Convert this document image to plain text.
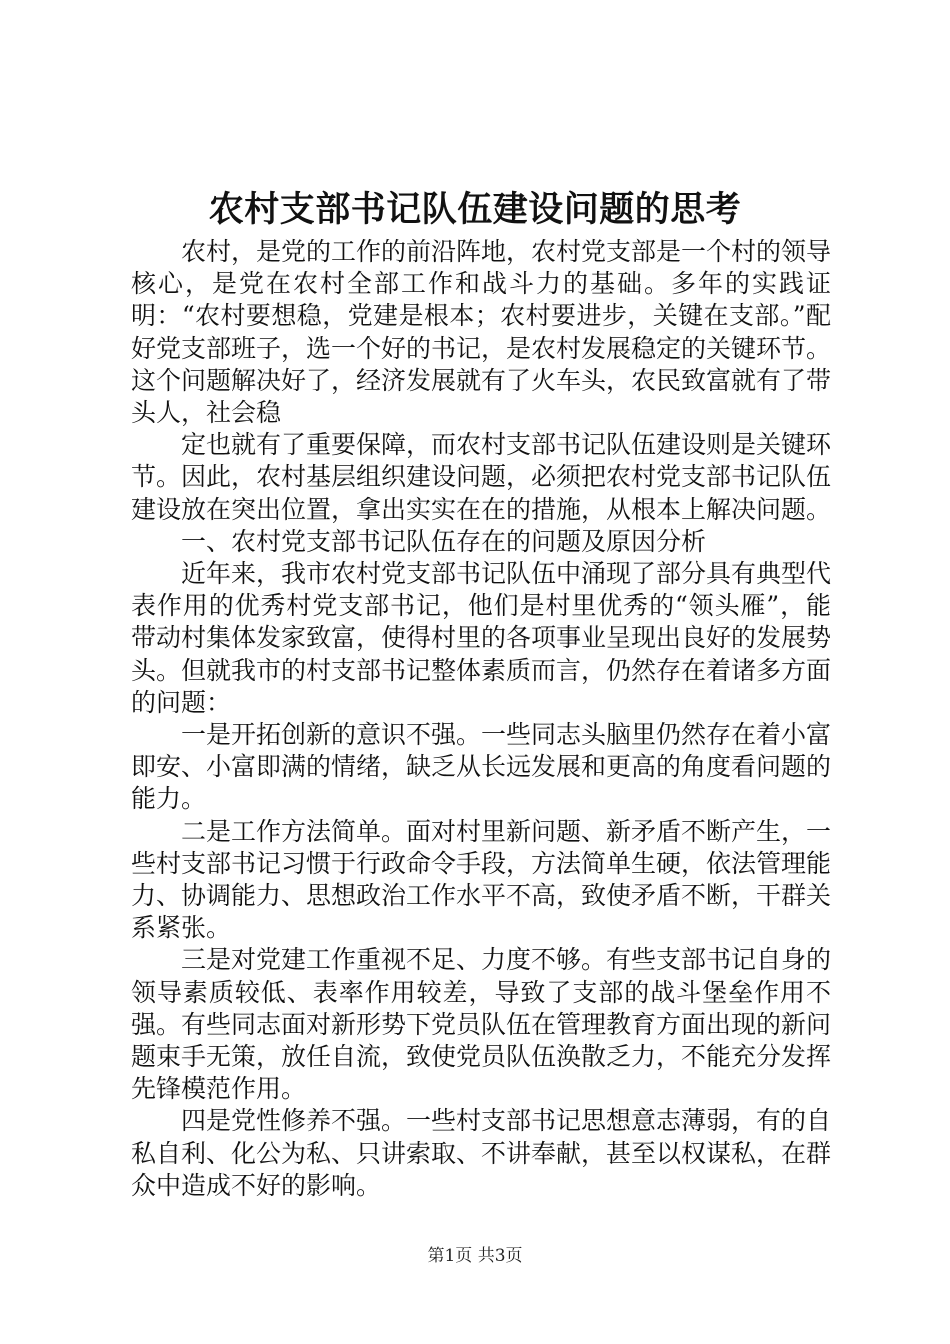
农村支部书记队伍建设问题的思考

农村，是党的工作的前沿阵地，农村党支部是一个村的领导核心，是党在农村全部工作和战斗力的基础。多年的实践证明：“农村要想稳，党建是根本；农村要进步，关键在支部。”配好党支部班子，选一个好的书记，是农村发展稳定的关键环节。这个问题解决好了，经济发展就有了火车头，农民致富就有了带头人，社会稳

定也就有了重要保障，而农村支部书记队伍建设则是关键环节。因此，农村基层组织建设问题，必须把农村党支部书记队伍建设放在突出位置，拿出实实在在的措施，从根本上解决问题。

一、农村党支部书记队伍存在的问题及原因分析

近年来，我市农村党支部书记队伍中涌现了部分具有典型代表作用的优秀村党支部书记，他们是村里优秀的“领头雁”，能带动村集体发家致富，使得村里的各项事业呈现出良好的发展势头。但就我市的村支部书记整体素质而言，仍然存在着诸多方面的问题：

一是开拓创新的意识不强。一些同志头脑里仍然存在着小富即安、小富即满的情绪，缺乏从长远发展和更高的角度看问题的能力。

二是工作方法简单。面对村里新问题、新矛盾不断产生，一些村支部书记习惯于行政命令手段，方法简单生硬，依法管理能力、协调能力、思想政治工作水平不高，致使矛盾不断，干群关系紧张。

三是对党建工作重视不足、力度不够。有些支部书记自身的领导素质较低、表率作用较差，导致了支部的战斗堡垒作用不强。有些同志面对新形势下党员队伍在管理教育方面出现的新问题束手无策，放任自流，致使党员队伍涣散乏力，不能充分发挥先锋模范作用。

四是党性修养不强。一些村支部书记思想意志薄弱，有的自私自利、化公为私、只讲索取、不讲奉献，甚至以权谋私，在群众中造成不好的影响。

第1页 共3页
